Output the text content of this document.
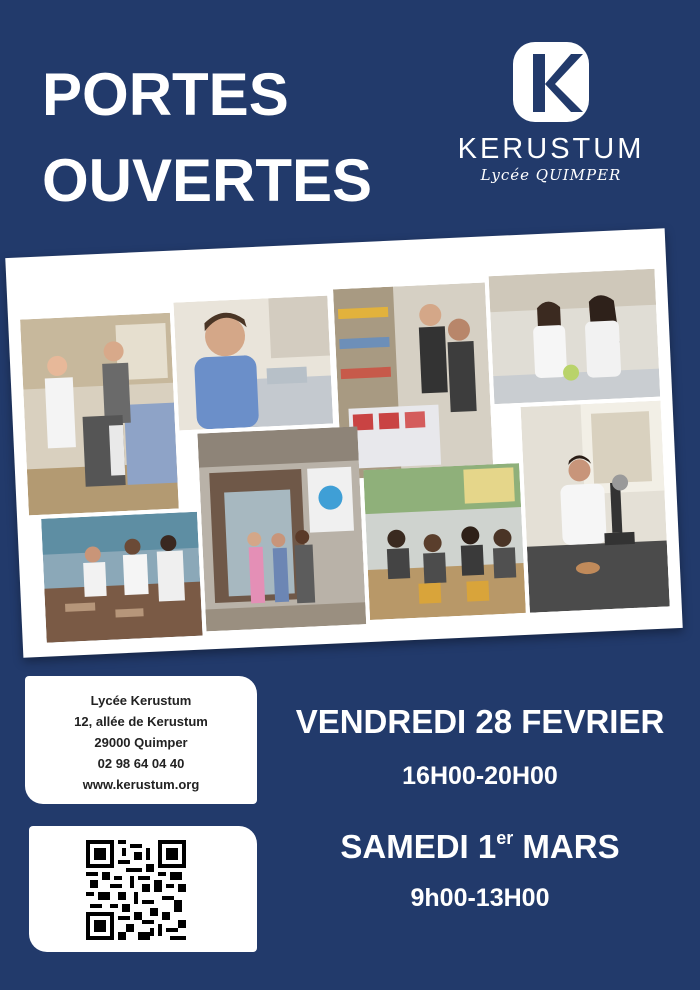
PORTES
OUVERTES	KERUSTUM
Lycée QUIMPER
Lycée Kerustum
12, allée de Kerustum
29000 Quimper
02 98 64 04 40
www.kerustum.org
VENDREDI 28 FEVRIER
16H00-20H00
SAMEDI 1er MARS
9h00-13H00
